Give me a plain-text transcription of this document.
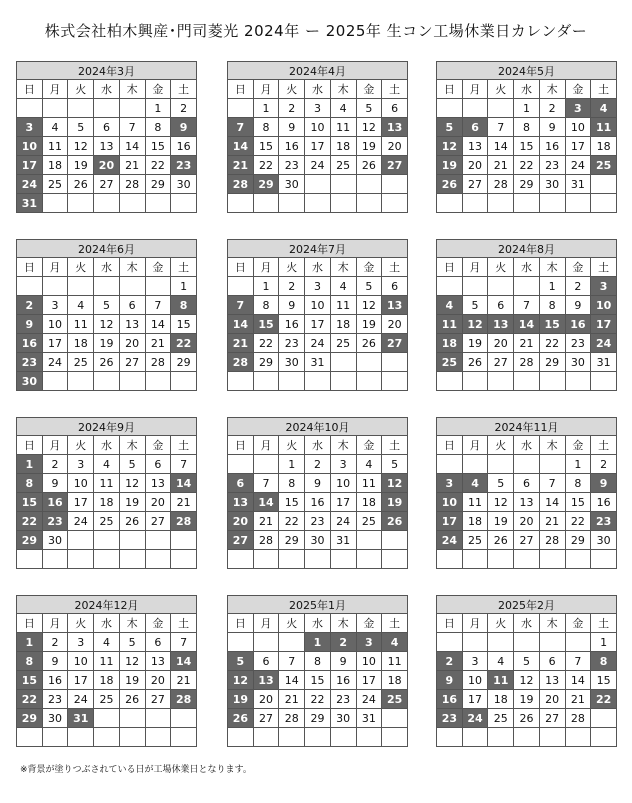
株式会社柏木興産･門司菱光 2024年 ー 2025年 生コン工場休業日カレンダー
2024年3月						
日	月	火	水	木	金	土
					1	2
3	4	5	6	7	8	9
10	11	12	13	14	15	16
17	18	19	20	21	22	23
24	25	26	27	28	29	30
31						
2024年4月						
日	月	火	水	木	金	土
	1	2	3	4	5	6
7	8	9	10	11	12	13
14	15	16	17	18	19	20
21	22	23	24	25	26	27
28	29	30				

2024年5月						
日	月	火	水	木	金	土
			1	2	3	4
5	6	7	8	9	10	11
12	13	14	15	16	17	18
19	20	21	22	23	24	25
26	27	28	29	30	31	

2024年6月						
日	月	火	水	木	金	土
						1
2	3	4	5	6	7	8
9	10	11	12	13	14	15
16	17	18	19	20	21	22
23	24	25	26	27	28	29
30						
2024年7月						
日	月	火	水	木	金	土
	1	2	3	4	5	6
7	8	9	10	11	12	13
14	15	16	17	18	19	20
21	22	23	24	25	26	27
28	29	30	31			

2024年8月						
日	月	火	水	木	金	土
				1	2	3
4	5	6	7	8	9	10
11	12	13	14	15	16	17
18	19	20	21	22	23	24
25	26	27	28	29	30	31

2024年9月						
日	月	火	水	木	金	土
1	2	3	4	5	6	7
8	9	10	11	12	13	14
15	16	17	18	19	20	21
22	23	24	25	26	27	28
29	30					

2024年10月						
日	月	火	水	木	金	土
		1	2	3	4	5
6	7	8	9	10	11	12
13	14	15	16	17	18	19
20	21	22	23	24	25	26
27	28	29	30	31		

2024年11月						
日	月	火	水	木	金	土
					1	2
3	4	5	6	7	8	9
10	11	12	13	14	15	16
17	18	19	20	21	22	23
24	25	26	27	28	29	30

2024年12月						
日	月	火	水	木	金	土
1	2	3	4	5	6	7
8	9	10	11	12	13	14
15	16	17	18	19	20	21
22	23	24	25	26	27	28
29	30	31				

2025年1月						
日	月	火	水	木	金	土
			1	2	3	4
5	6	7	8	9	10	11
12	13	14	15	16	17	18
19	20	21	22	23	24	25
26	27	28	29	30	31	

2025年2月						
日	月	火	水	木	金	土
						1
2	3	4	5	6	7	8
9	10	11	12	13	14	15
16	17	18	19	20	21	22
23	24	25	26	27	28	

※背景が塗りつぶされている日が工場休業日となります。
